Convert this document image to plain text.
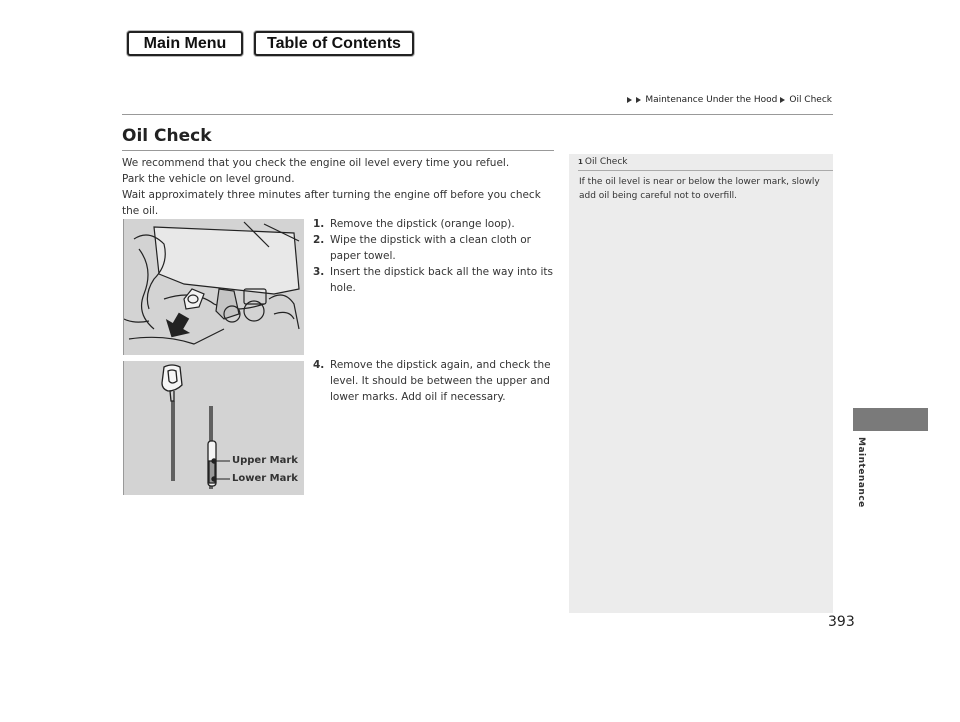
Main Menu	Table of Contents
Maintenance Under the Hood Oil Check
Oil Check

We recommend that you check the engine oil level every time you refuel.

Park the vehicle on level ground.

Wait approximately three minutes after turning the engine off before you check the oil.

1. Remove the dipstick (orange loop).
2. Wipe the dipstick with a clean cloth or paper towel.
3. Insert the dipstick back all the way into its hole.
4. Remove the dipstick again, and check the level. It should be between the upper and lower marks. Add oil if necessary.
Upper Mark
Lower Mark
1 Oil Check
If the oil level is near or below the lower mark, slowly add oil being careful not to overfill.
Maintenance
393
